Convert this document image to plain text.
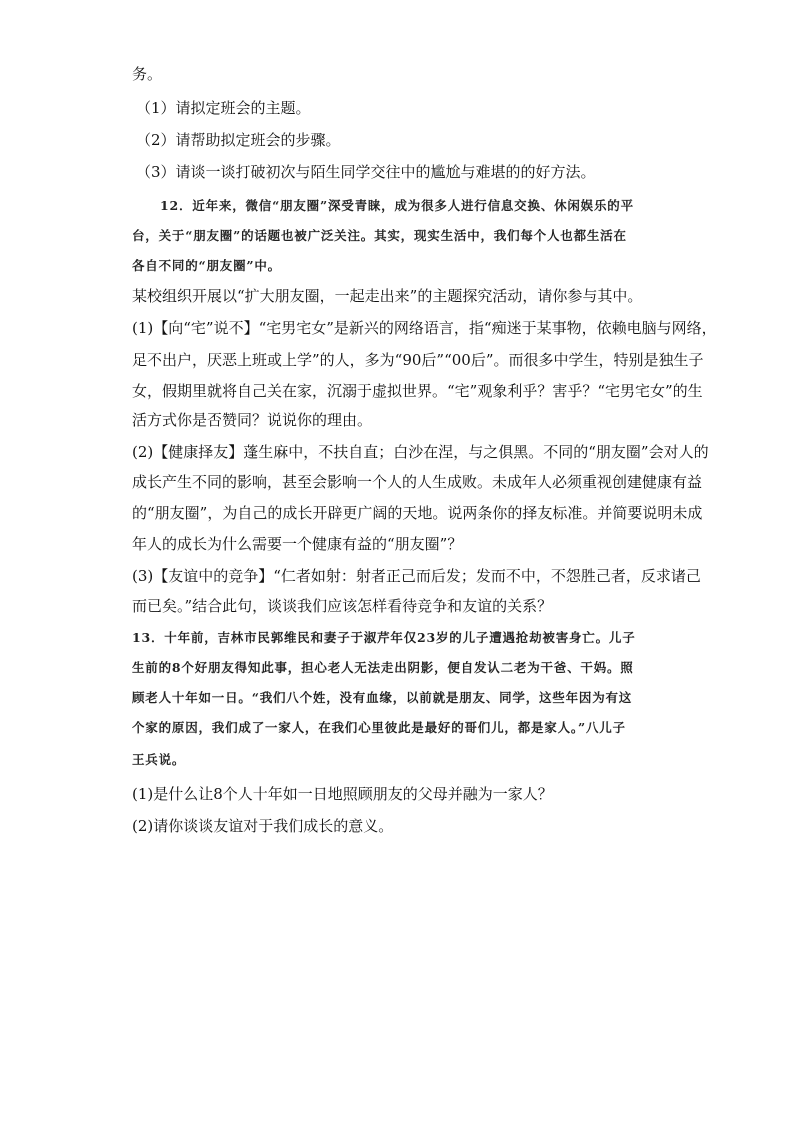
务。
（1）请拟定班会的主题。
（2）请帮助拟定班会的步骤。
（3）请谈一谈打破初次与陌生同学交往中的尴尬与难堪的的好方法。
12．近年来，微信“朋友圈”深受青睐，成为很多人进行信息交换、休闲娱乐的平
台，关于“朋友圈”的话题也被广泛关注。其实，现实生活中，我们每个人也都生活在
各自不同的“朋友圈”中。
某校组织开展以“扩大朋友圈，一起走出来”的主题探究活动，请你参与其中。
(1)【向“宅”说不】“宅男宅女”是新兴的网络语言，指“痴迷于某事物，依赖电脑与网络，
足不出户，厌恶上班或上学”的人，多为“90后”“00后”。而很多中学生，特别是独生子
女，假期里就将自己关在家，沉溺于虚拟世界。“宅”观象利乎？害乎？“宅男宅女”的生
活方式你是否赞同？说说你的理由。
(2)【健康择友】蓬生麻中，不扶自直；白沙在涅，与之俱黑。不同的“朋友圈”会对人的
成长产生不同的影响，甚至会影响一个人的人生成败。未成年人必须重视创建健康有益
的“朋友圈”，为自己的成长开辟更广阔的天地。说两条你的择友标准。并简要说明未成
年人的成长为什么需要一个健康有益的“朋友圈”？
(3)【友谊中的竞争】“仁者如射：射者正己而后发；发而不中，不怨胜己者，反求诸己
而已矣。”结合此句，谈谈我们应该怎样看待竞争和友谊的关系？
13．十年前，吉林市民郭维民和妻子于淑芹年仅23岁的儿子遭遇抢劫被害身亡。儿子
生前的8个好朋友得知此事，担心老人无法走出阴影，便自发认二老为干爸、干妈。照
顾老人十年如一日。“我们八个姓，没有血缘，以前就是朋友、同学，这些年因为有这
个家的原因，我们成了一家人，在我们心里彼此是最好的哥们儿，都是家人。”八儿子
王兵说。
(1)是什么让8个人十年如一日地照顾朋友的父母并融为一家人？
(2)请你谈谈友谊对于我们成长的意义。
